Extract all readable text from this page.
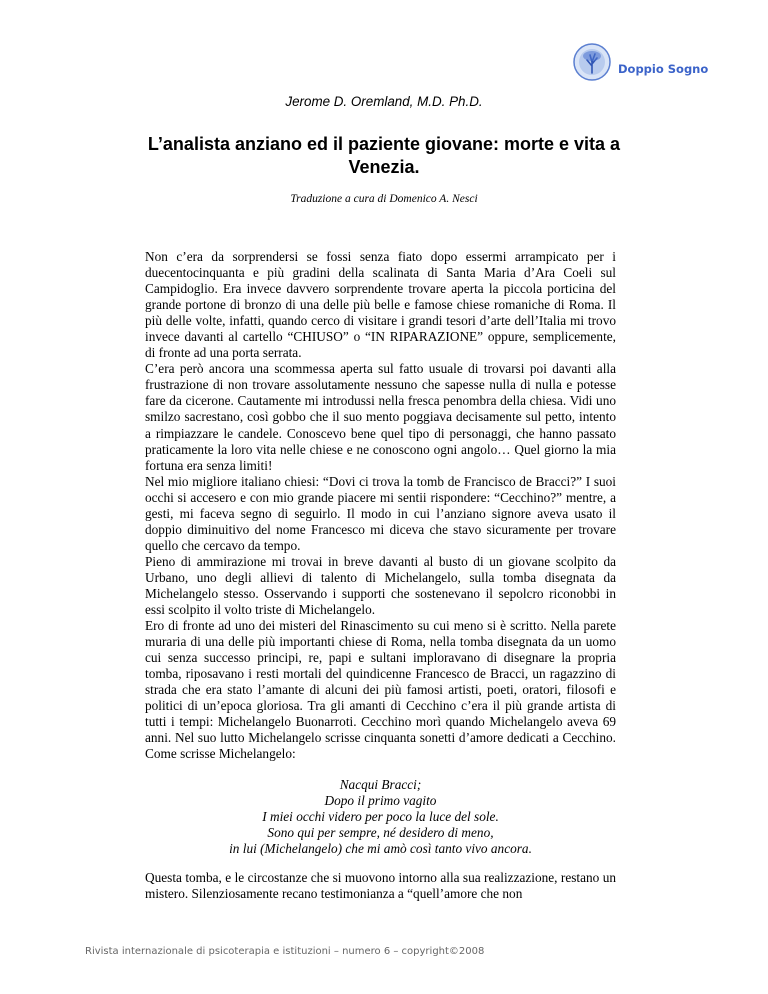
Doppio Sogno
Jerome D. Oremland, M.D. Ph.D.
L’analista anziano ed il paziente giovane: morte e vita a Venezia.
Traduzione a cura di Domenico A. Nesci

Non c’era da sorprendersi se fossi senza fiato dopo essermi arrampicato per i duecentocinquanta e più gradini della scalinata di Santa Maria d’Ara Coeli sul Campidoglio. Era invece davvero sorprendente trovare aperta la piccola porticina del grande portone di bronzo di una delle più belle e famose chiese romaniche di Roma. Il più delle volte, infatti, quando cerco di visitare i grandi tesori d’arte dell’Italia mi trovo invece davanti al cartello “CHIUSO” o “IN RIPARAZIONE” oppure, semplicemente, di fronte ad una porta serrata.

C’era però ancora una scommessa aperta sul fatto usuale di trovarsi poi davanti alla frustrazione di non trovare assolutamente nessuno che sapesse nulla di nulla e potesse fare da cicerone. Cautamente mi introdussi nella fresca penombra della chiesa. Vidi uno smilzo sacrestano, così gobbo che il suo mento poggiava decisamente sul petto, intento a rimpiazzare le candele. Conoscevo bene quel tipo di personaggi, che hanno passato praticamente la loro vita nelle chiese e ne conoscono ogni angolo… Quel giorno la mia fortuna era senza limiti!

Nel mio migliore italiano chiesi: “Dovi ci trova la tomb de Francisco de Bracci?” I suoi occhi si accesero e con mio grande piacere mi sentii rispondere: “Cecchino?” mentre, a gesti, mi faceva segno di seguirlo. Il modo in cui l’anziano signore aveva usato il doppio diminuitivo del nome Francesco mi diceva che stavo sicuramente per trovare quello che cercavo da tempo.

Pieno di ammirazione mi trovai in breve davanti al busto di un giovane scolpito da Urbano, uno degli allievi di talento di Michelangelo, sulla tomba disegnata da Michelangelo stesso. Osservando i supporti che sostenevano il sepolcro riconobbi in essi scolpito il volto triste di Michelangelo.

Ero di fronte ad uno dei misteri del Rinascimento su cui meno si è scritto. Nella parete muraria di una delle più importanti chiese di Roma, nella tomba disegnata da un uomo cui senza successo principi, re, papi e sultani imploravano di disegnare la propria tomba, riposavano i resti mortali del quindicenne Francesco de Bracci, un ragazzino di strada che era stato l’amante di alcuni dei più famosi artisti, poeti, oratori, filosofi e politici di un’epoca gloriosa. Tra gli amanti di Cecchino c’era il più grande artista di tutti i tempi: Michelangelo Buonarroti. Cecchino morì quando Michelangelo aveva 69 anni. Nel suo lutto Michelangelo scrisse cinquanta sonetti d’amore dedicati a Cecchino. Come scrisse Michelangelo:

Nacqui Bracci;
Dopo il primo vagito
I miei occhi videro per poco la luce del sole.
Sono qui per sempre, né desidero di meno,
in lui (Michelangelo) che mi amò così tanto vivo ancora.

Questa tomba, e le circostanze che si muovono intorno alla sua realizzazione, restano un mistero. Silenziosamente recano testimonianza a “quell’amore che non

Rivista internazionale di psicoterapia e istituzioni – numero 6 – copyright©2008
